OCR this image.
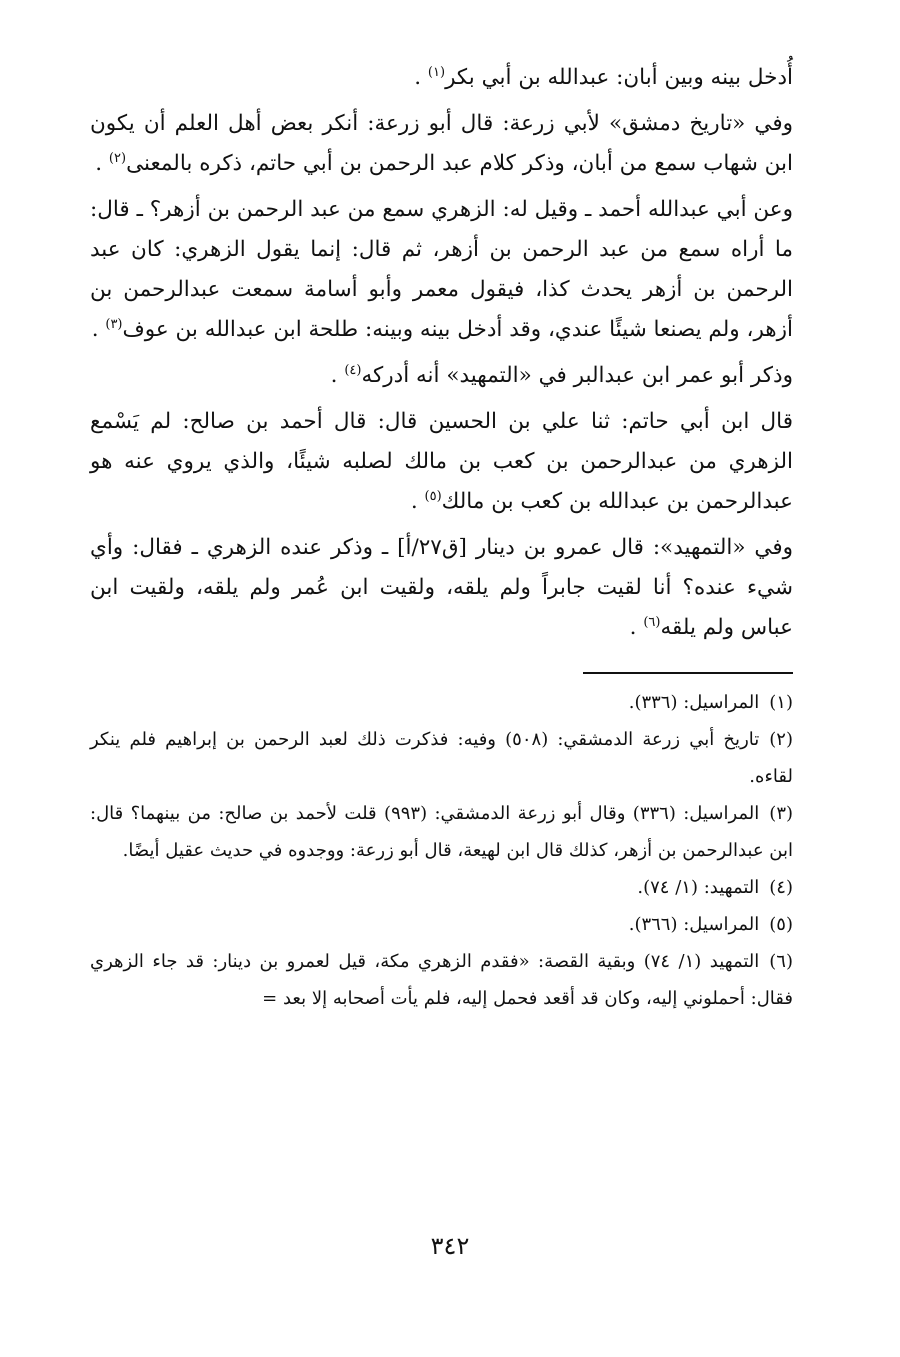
أُدخل بينه وبين أبان: عبدالله بن أبي بكر$^{(١)}$ .

وفي «تاريخ دمشق» لأبي زرعة: قال أبو زرعة: أنكر بعض أهل العلم أن يكون ابن شهاب سمع من أبان، وذكر كلام عبد الرحمن بن أبي حاتم، ذكره بالمعنى$^{(٢)}$ .

وعن أبي عبدالله أحمد ـ وقيل له: الزهري سمع من عبد الرحمن بن أزهر؟ ـ قال: ما أراه سمع من عبد الرحمن بن أزهر، ثم قال: إنما يقول الزهري: كان عبد الرحمن بن أزهر يحدث كذا، فيقول معمر وأبو أسامة سمعت عبدالرحمن بن أزهر، ولم يصنعا شيئًا عندي، وقد أدخل بينه وبينه: طلحة ابن عبدالله بن عوف$^{(٣)}$ .

وذكر أبو عمر ابن عبدالبر في «التمهيد» أنه أدركه$^{(٤)}$ .

قال ابن أبي حاتم: ثنا علي بن الحسين قال: قال أحمد بن صالح: لم يَسْمع الزهري من عبدالرحمن بن كعب بن مالك لصلبه شيئًا، والذي يروي عنه هو عبدالرحمن بن عبدالله بن كعب بن مالك$^{(٥)}$ .

وفي «التمهيد»: قال عمرو بن دينار [ق٢٧/أ] ـ وذكر عنده الزهري ـ فقال: وأي شيء عنده؟ أنا لقيت جابراً ولم يلقه، ولقيت ابن عُمر ولم يلقه، ولقيت ابن عباس ولم يلقه$^{(٦)}$ .

(١)المراسيل: (٣٣٦).

(٢)تاريخ أبي زرعة الدمشقي: (٥٠٨) وفيه: فذكرت ذلك لعبد الرحمن بن إبراهيم فلم ينكر لقاءه.

(٣)المراسيل: (٣٣٦) وقال أبو زرعة الدمشقي: (٩٩٣) قلت لأحمد بن صالح: من بينهما؟ قال: ابن عبدالرحمن بن أزهر، كذلك قال ابن لهيعة، قال أبو زرعة: ووجدوه في حديث عقيل أيضًا.

(٤)التمهيد: (١/ ٧٤).

(٥)المراسيل: (٣٦٦).

(٦)التمهيد (١/ ٧٤) وبقية القصة: «فقدم الزهري مكة، قيل لعمرو بن دينار: قد جاء الزهري فقال: أحملوني إليه، وكان قد أقعد فحمل إليه، فلم يأت أصحابه إلا بعد =

٣٤٢
